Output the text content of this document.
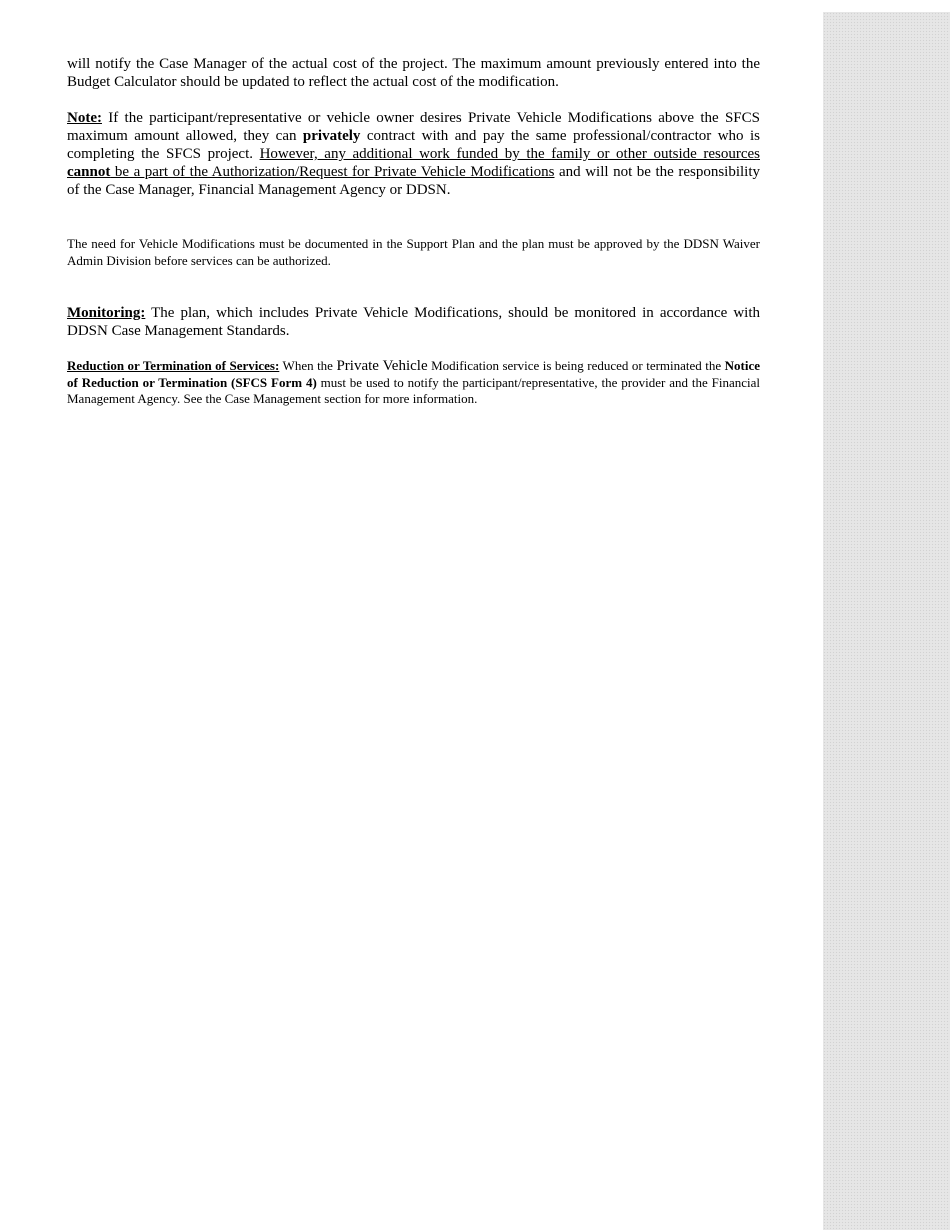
will notify the Case Manager of the actual cost of the project. The maximum amount previously entered into the Budget Calculator should be updated to reflect the actual cost of the modification.

Note: If the participant/representative or vehicle owner desires Private Vehicle Modifications above the SFCS maximum amount allowed, they can privately contract with and pay the same professional/contractor who is completing the SFCS project. However, any additional work funded by the family or other outside resources cannot be a part of the Authorization/Request for Private Vehicle Modifications and will not be the responsibility of the Case Manager, Financial Management Agency or DDSN.

The need for Vehicle Modifications must be documented in the Support Plan and the plan must be approved by the DDSN Waiver Admin Division before services can be authorized.

Monitoring: The plan, which includes Private Vehicle Modifications, should be monitored in accordance with DDSN Case Management Standards.

Reduction or Termination of Services: When the Private Vehicle Modification service is being reduced or terminated the Notice of Reduction or Termination (SFCS Form 4) must be used to notify the participant/representative, the provider and the Financial Management Agency. See the Case Management section for more information.
